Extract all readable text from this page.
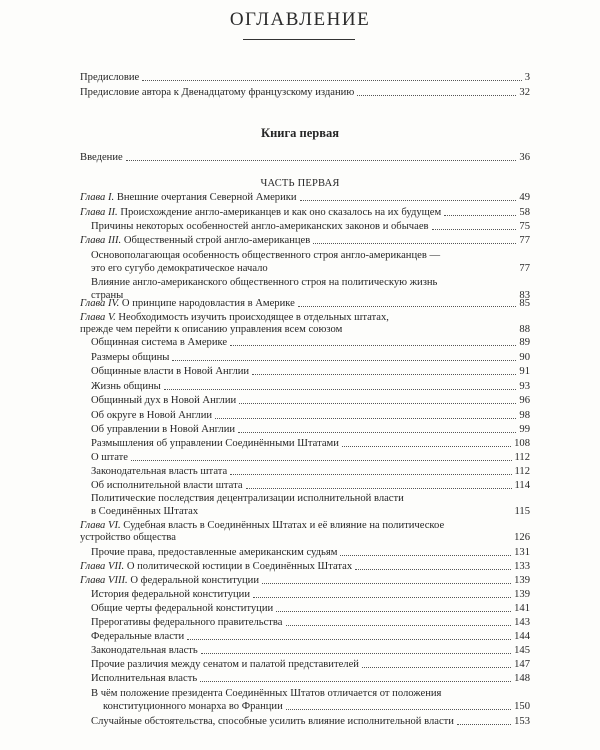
ОГЛАВЛЕНИЕ
Предисловие	3
Предисловие автора к Двенадцатому французскому изданию	32
Книга первая
Введение	36
ЧАСТЬ ПЕРВАЯ
Глава I. Внешние очертания Северной Америки	49
Глава II. Происхождение англо-американцев и как оно сказалось на их будущем	58
Причины некоторых особенностей англо-американских законов и обычаев	75
Глава III. Общественный строй англо-американцев	77
Основополагающая особенность общественного строя англо-американцев —
это его сугубо демократическое начало	77
Влияние англо-американского общественного строя на политическую жизнь
страны	83
Глава IV. О принципе народовластия в Америке	85
Глава V. Необходимость изучить происходящее в отдельных штатах,
прежде чем перейти к описанию управления всем союзом	88
Общинная система в Америке	89
Размеры общины	90
Общинные власти в Новой Англии	91
Жизнь общины	93
Общинный дух в Новой Англии	96
Об округе в Новой Англии	98
Об управлении в Новой Англии	99
Размышления об управлении Соединёнными Штатами	108
О штате	112
Законодательная власть штата	112
Об исполнительной власти штата	114
Политические последствия децентрализации исполнительной власти
в Соединённых Штатах	115
Глава VI. Судебная власть в Соединённых Штатах и её влияние на политическое
устройство общества	126
Прочие права, предоставленные американским судьям	131
Глава VII. О политической юстиции в Соединённых Штатах	133
Глава VIII. О федеральной конституции	139
История федеральной конституции	139
Общие черты федеральной конституции	141
Прерогативы федерального правительства	143
Федеральные власти	144
Законодательная власть	145
Прочие различия между сенатом и палатой представителей	147
Исполнительная власть	148
В чём положение президента Соединённых Штатов отличается от положения
конституционного монарха во Франции	150
Случайные обстоятельства, способные усилить влияние исполнительной власти	153
